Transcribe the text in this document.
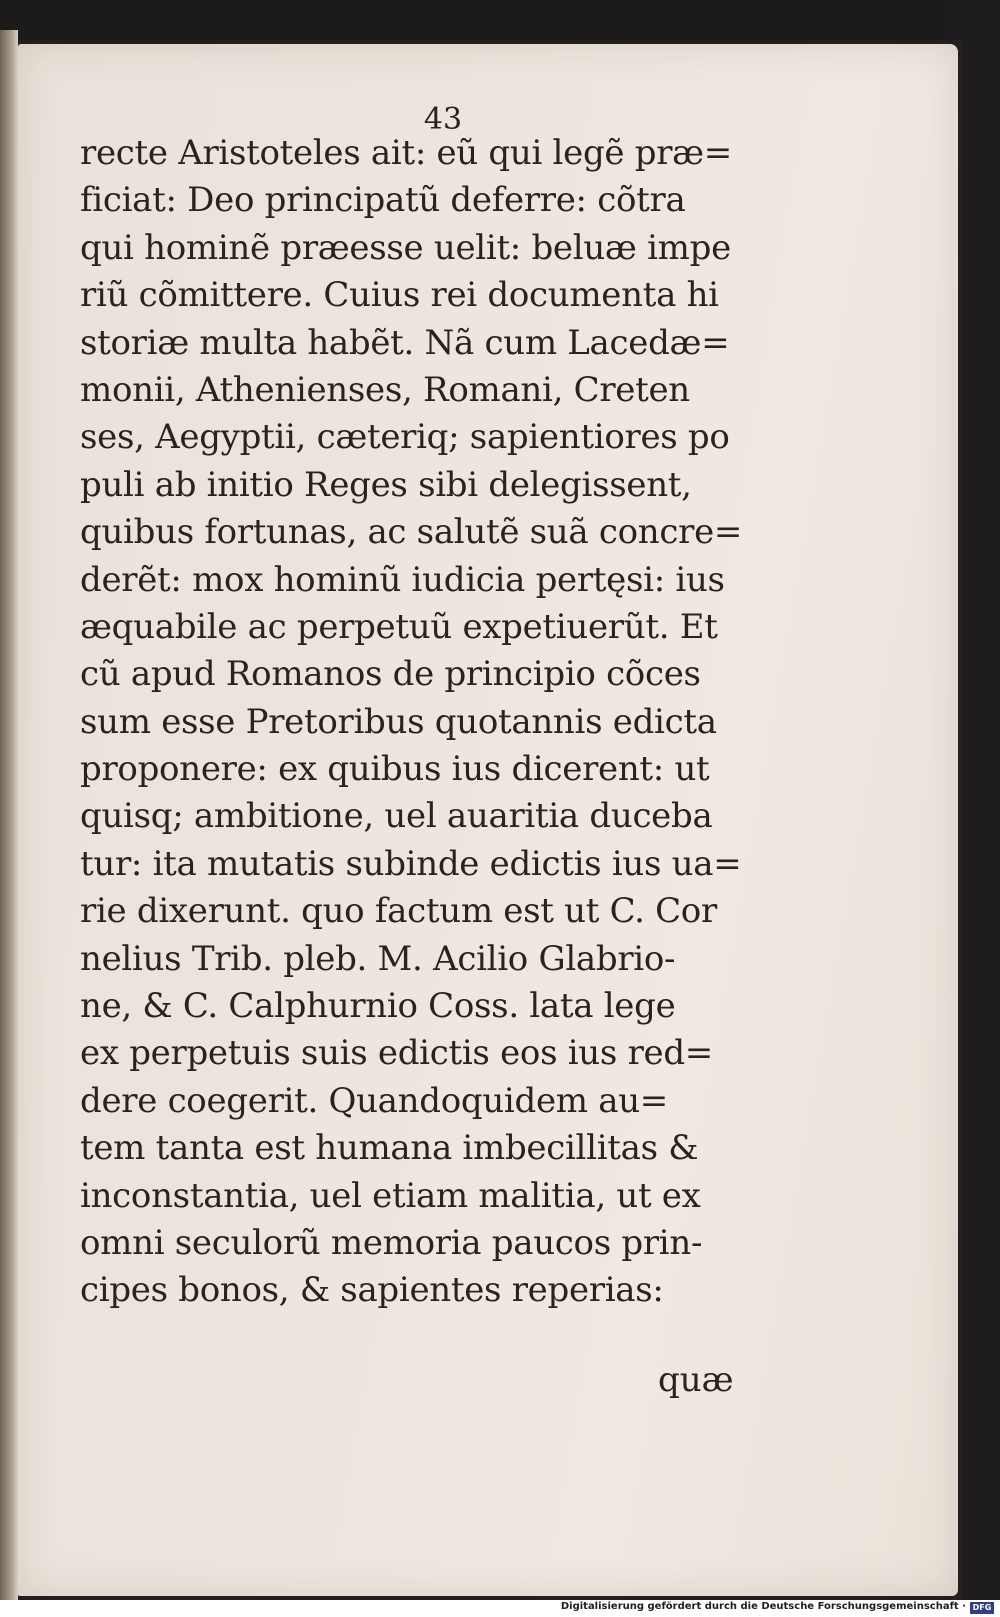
43
recte Aristoteles ait: eũ qui legẽ præ=
ficiat: Deo principatũ deferre: cõtra
qui hominẽ præesse uelit: beluæ impe
riũ cõmittere. Cuius rei documenta hi
storiæ multa habẽt. Nã cum Lacedæ=
monii, Athenienses, Romani, Creten
ses, Aegyptii, cæteriq; sapientiores po
puli ab initio Reges sibi delegissent,
quibus fortunas, ac salutẽ suã concre=
derẽt: mox hominũ iudicia pertęsi: ius
æquabile ac perpetuũ expetiuerũt. Et
cũ apud Romanos de principio cõces
sum esse Pretoribus quotannis edicta
proponere: ex quibus ius dicerent: ut
quisq; ambitione, uel auaritia duceba
tur: ita mutatis subinde edictis ius ua=
rie dixerunt. quo factum est ut C. Cor
nelius Trib. pleb. M. Acilio Glabrio-
ne, & C. Calphurnio Coss. lata lege
ex perpetuis suis edictis eos ius red=
dere coegerit. Quandoquidem au=
tem tanta est humana imbecillitas &
inconstantia, uel etiam malitia, ut ex
omni seculorũ memoria paucos prin-
cipes bonos, & sapientes reperias:
quæ
Digitalisierung gefördert durch die Deutsche Forschungsgemeinschaft · DFG
